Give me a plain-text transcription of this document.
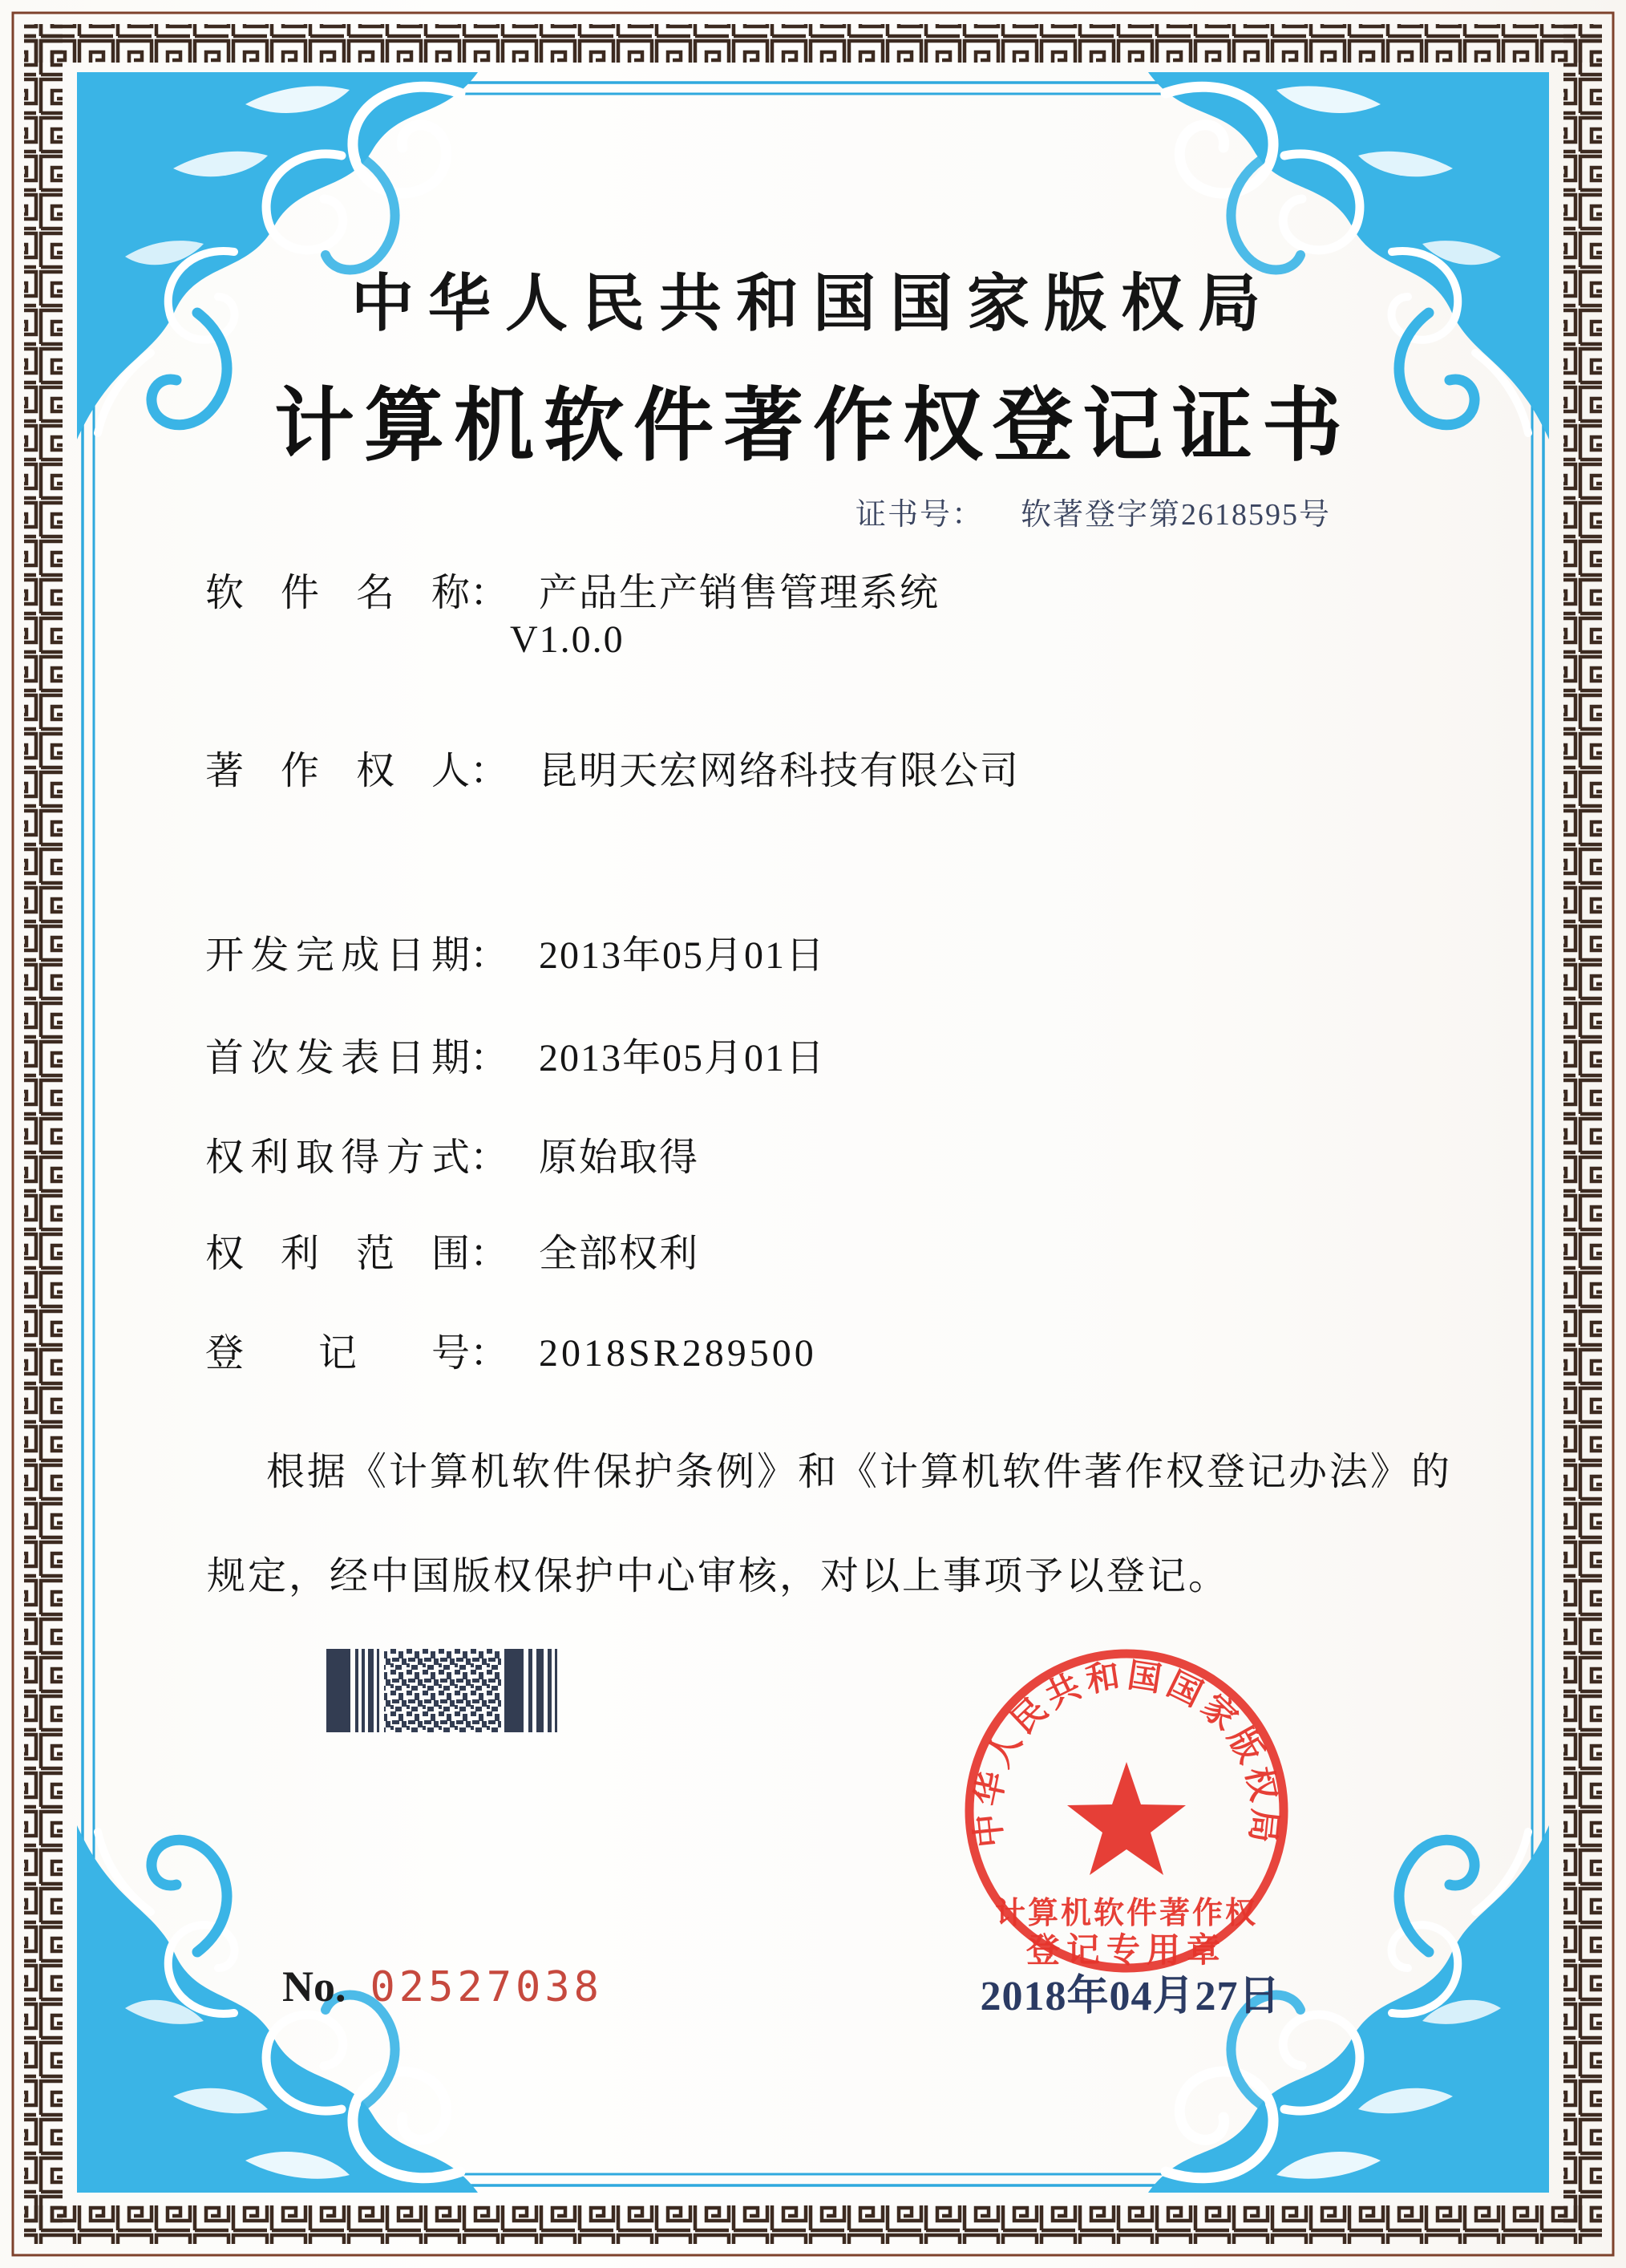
中华人民共和国国家版权局
计算机软件著作权登记证书
证书号： 软著登字第2618595号
软件名称： 产品生产销售管理系统
V1.0.0
著作权人： 昆明天宏网络科技有限公司
开发完成日期： 2013年05月01日
首次发表日期： 2013年05月01日
权利取得方式： 原始取得
权利范围： 全部权利
登记号： 2018SR289500
根据《计算机软件保护条例》和《计算机软件著作权登记办法》的
规定，经中国版权保护中心审核，对以上事项予以登记。
中华人民共和国国家版权局
计算机软件著作权
登记专用章
2018年04月27日
No. 02527038
